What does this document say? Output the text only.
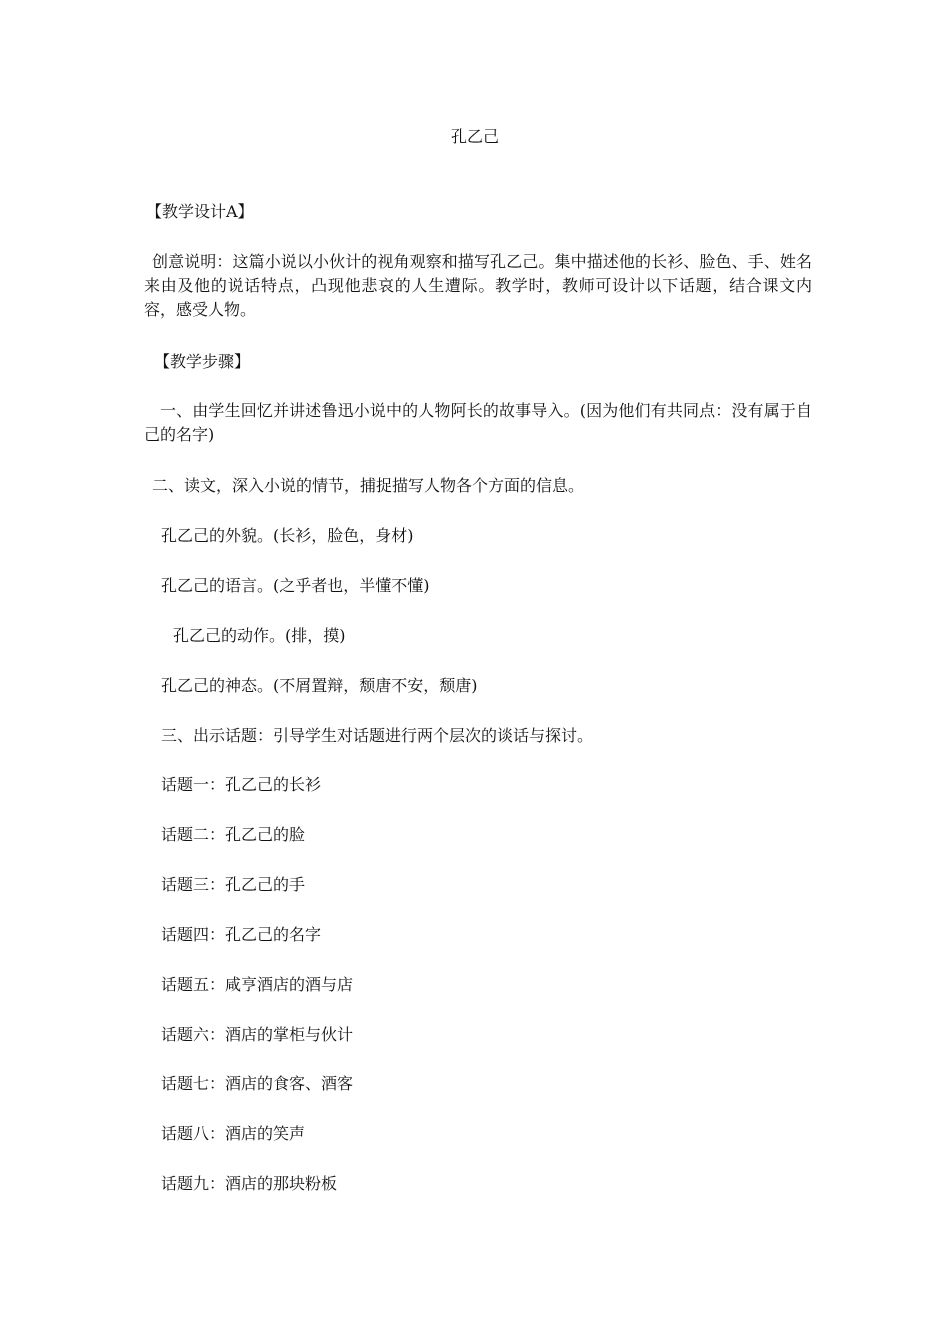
孔乙己
【教学设计A】
创意说明：这篇小说以小伙计的视角观察和描写孔乙己。集中描述他的长衫、脸色、手、姓名来由及他的说话特点，凸现他悲哀的人生遭际。教学时，教师可设计以下话题，结合课文内容，感受人物。
【教学步骤】
一、由学生回忆并讲述鲁迅小说中的人物阿长的故事导入。(因为他们有共同点：没有属于自己的名字)
二、读文，深入小说的情节，捕捉描写人物各个方面的信息。
孔乙己的外貌。(长衫，脸色，身材)
孔乙己的语言。(之乎者也，半懂不懂)
孔乙己的动作。(排，摸)
孔乙己的神态。(不屑置辩，颓唐不安，颓唐)
三、出示话题：引导学生对话题进行两个层次的谈话与探讨。
话题一：孔乙己的长衫
话题二：孔乙己的脸
话题三：孔乙己的手
话题四：孔乙己的名字
话题五：咸亨酒店的酒与店
话题六：酒店的掌柜与伙计
话题七：酒店的食客、酒客
话题八：酒店的笑声
话题九：酒店的那块粉板
